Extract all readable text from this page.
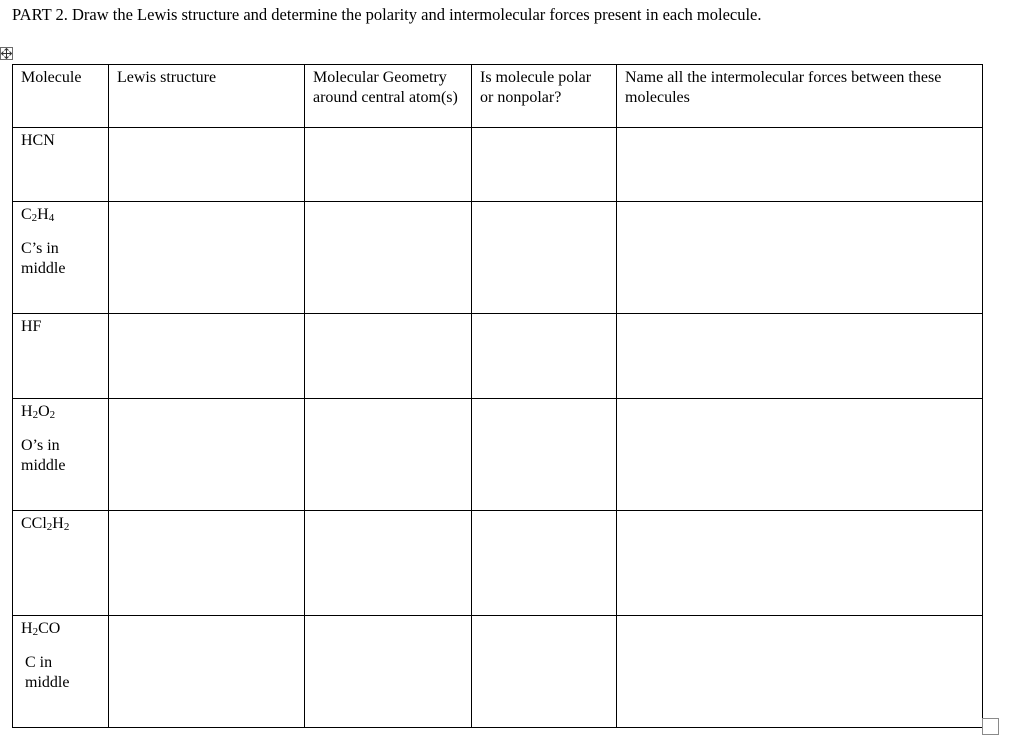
PART 2. Draw the Lewis structure and determine the polarity and intermolecular forces present in each molecule.
Molecule	Lewis structure	Molecular Geometry around central atom(s)	Is molecule polar or nonpolar?	Name all the intermolecular forces between these molecules

HCN				

$C_2H_4$
C’s in middle				

HF				

$H_2O_2$
O’s in middle				

$CCl_2H_2$

$H_2CO$
C in middle				
